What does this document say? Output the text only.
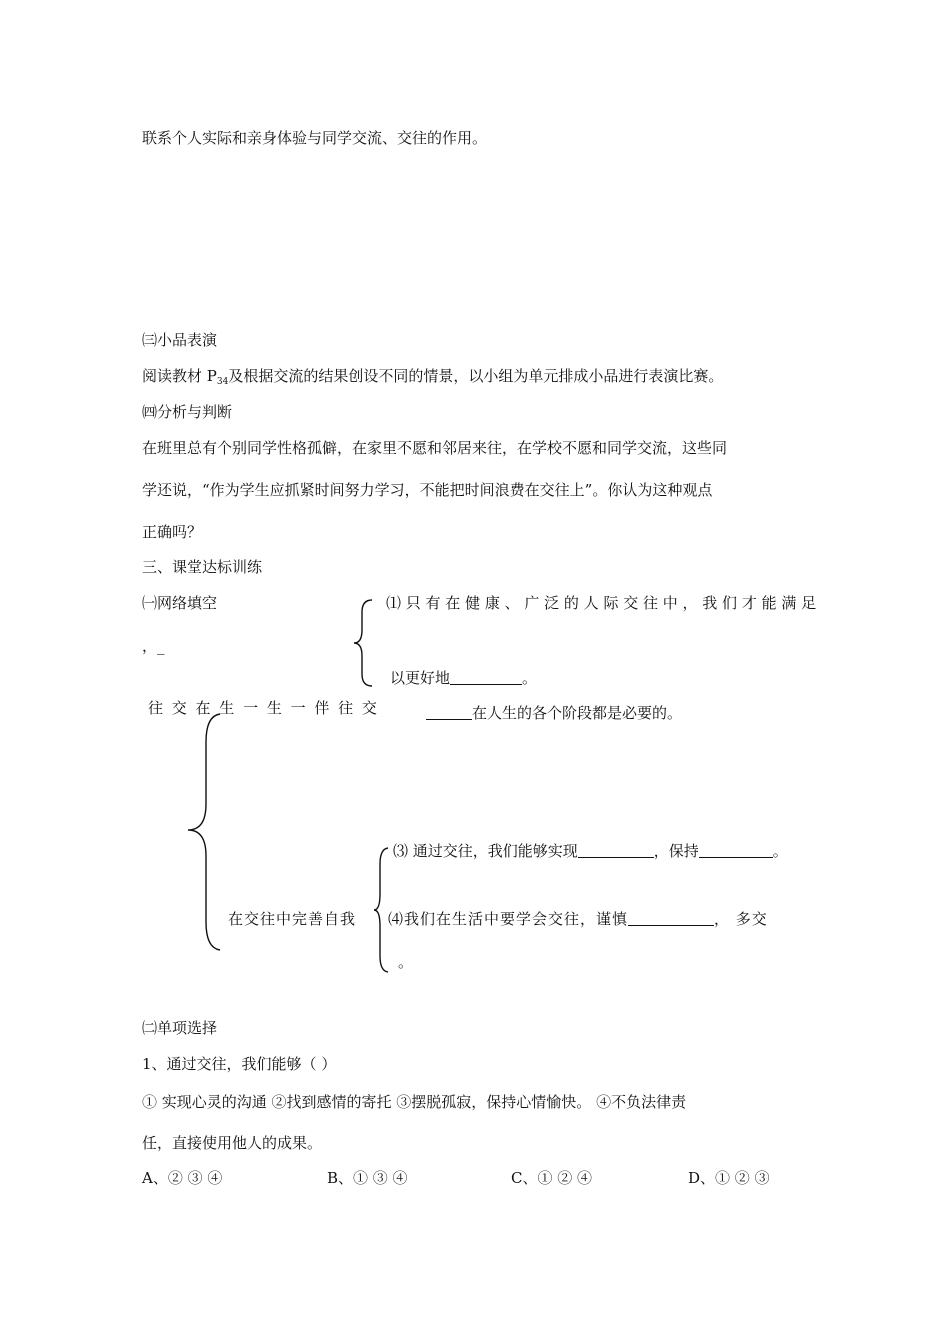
联系个人实际和亲身体验与同学交流、交往的作用。
㈢小品表演
阅读教材 $P_{34}$及根据交流的结果创设不同的情景，以小组为单元排成小品进行表演比赛。
㈣分析与判断
在班里总有个别同学性格孤僻，在家里不愿和邻居来往，在学校不愿和同学交流，这些同
学还说，“作为学生应抓紧时间努力学习，不能把时间浪费在交往上”。你认为这种观点
正确吗？
三、课堂达标训练
㈠网络填空
，_
⑴ 只 有 在 健 康 、 广 泛 的 人 际 交 往 中 ， 我 们 才 能 满 足
以更好地	。
往 交 在 生 一 生 一 伴 往 交	在人生的各个阶段都是必要的。
⑶ 通过交往，我们能够实现	，保持	。
在交往中完善自我 ⑷我们在生活中要学会交往，谨慎	， 多交
。
㈡单项选择
1、通过交往，我们能够（ ）
① 实现心灵的沟通 ②找到感情的寄托 ③摆脱孤寂，保持心情愉快。 ④不负法律责
任，直接使用他人的成果。
A、② ③ ④	B、① ③ ④	C、① ② ④	D、① ② ③
